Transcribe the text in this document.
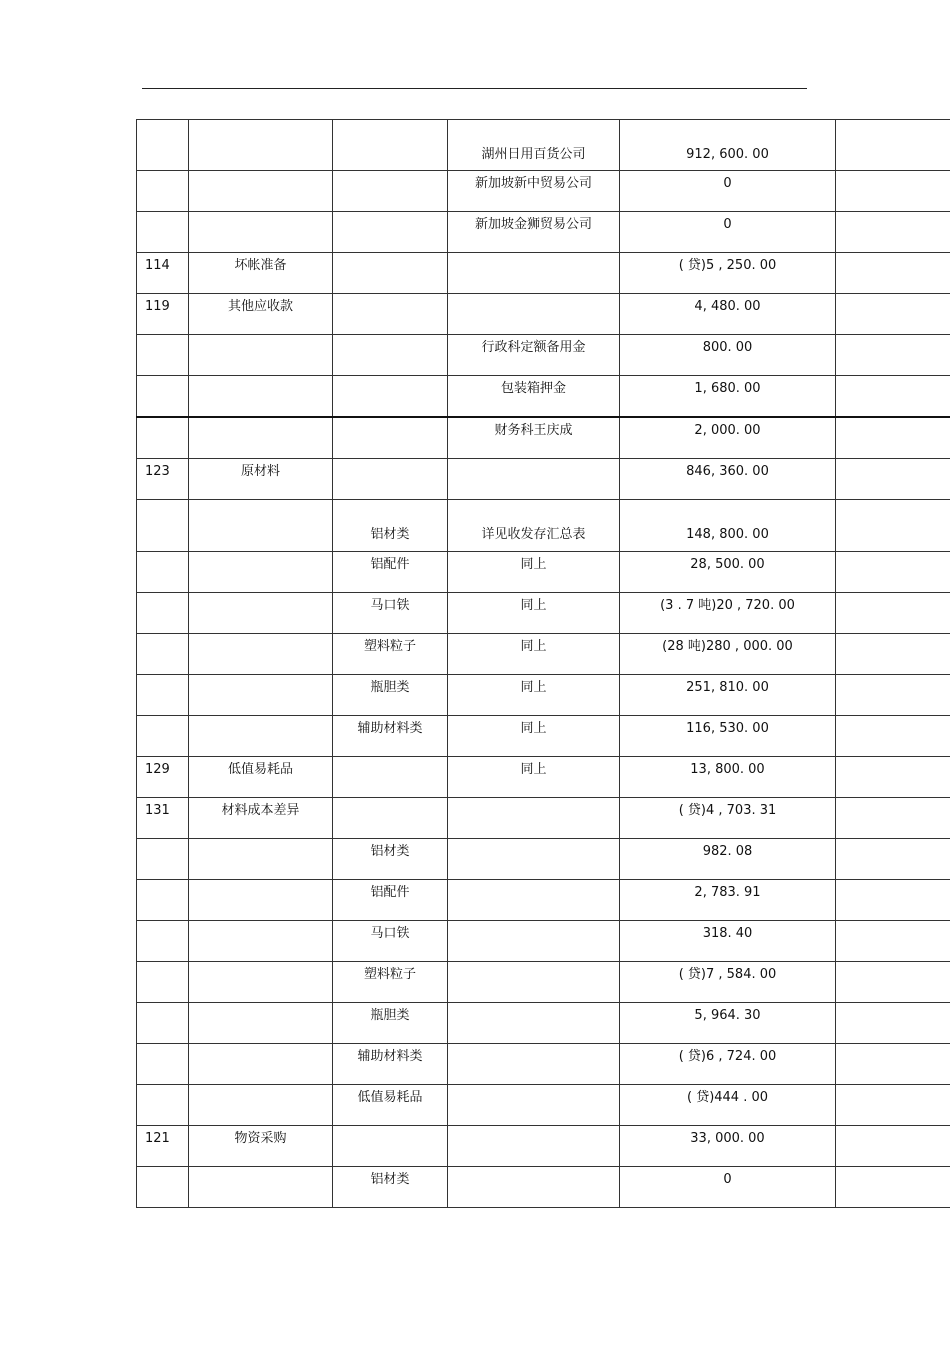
			湖州日用百货公司	912, 600. 00	

			新加坡新中贸易公司	0	

			新加坡金狮贸易公司	0	

114	坏帐准备			( 贷)5 , 250. 00	

119	其他应收款			4, 480. 00	

			行政科定额备用金	800. 00	

			包装箱押金	1, 680. 00	

			财务科王庆成	2, 000. 00	

123	原材料			846, 360. 00	

		铝材类	详见收发存汇总表	148, 800. 00	

		铝配件	同上	28, 500. 00	

		马口铁	同上	(3 . 7 吨)20 , 720. 00	

		塑料粒子	同上	(28 吨)280 , 000. 00	

		瓶胆类	同上	251, 810. 00	

		辅助材料类	同上	116, 530. 00	

129	低值易耗品		同上	13, 800. 00	

131	材料成本差异			( 贷)4 , 703. 31	

		铝材类		982. 08	

		铝配件		2, 783. 91	

		马口铁		318. 40	

		塑料粒子		( 贷)7 , 584. 00	

		瓶胆类		5, 964. 30	

		辅助材料类		( 贷)6 , 724. 00	

		低值易耗品		( 贷)444 . 00	

121	物资采购			33, 000. 00	

		铝材类		0	
